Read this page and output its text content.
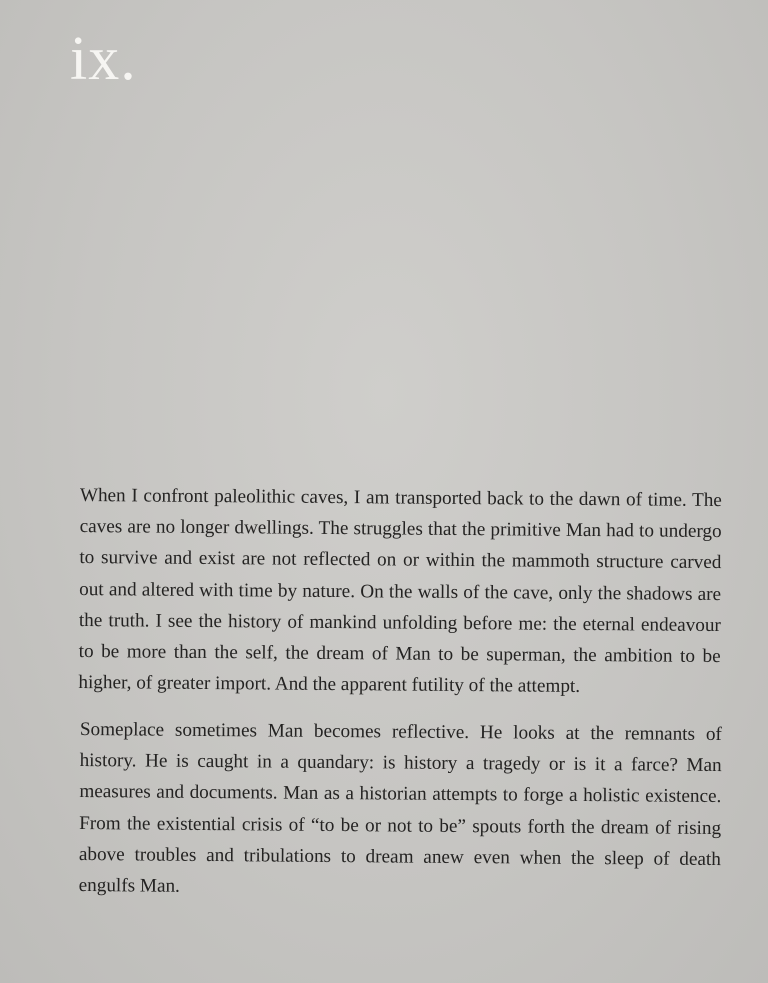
ix.

When I confront paleolithic caves, I am transported back to the dawn of time. The caves are no longer dwellings. The struggles that the primitive Man had to undergo to survive and exist are not reflected on or within the mammoth structure carved out and altered with time by nature. On the walls of the cave, only the shadows are the truth. I see the history of mankind unfolding before me: the eternal endeavour to be more than the self, the dream of Man to be superman, the ambition to be higher, of greater import. And the apparent futility of the attempt.

Someplace sometimes Man becomes reflective. He looks at the remnants of history. He is caught in a quandary: is history a tragedy or is it a farce? Man measures and documents. Man as a historian attempts to forge a holistic existence. From the existential crisis of “to be or not to be” spouts forth the dream of rising above troubles and tribulations to dream anew even when the sleep of death engulfs Man.
